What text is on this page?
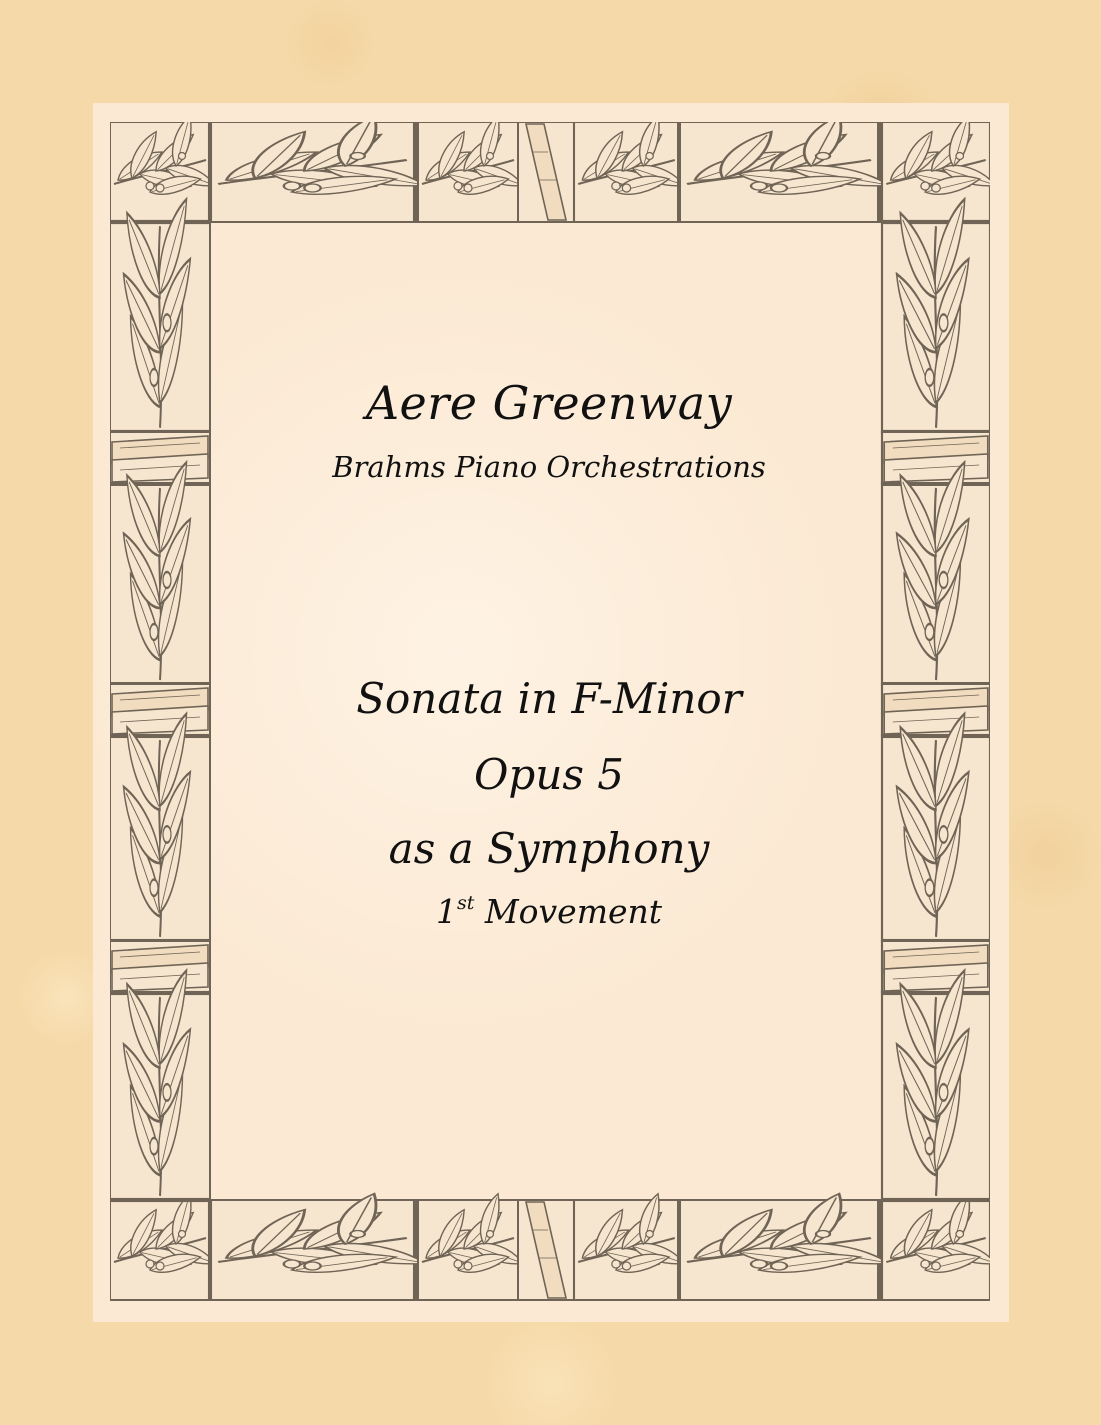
Aere Greenway
Brahms Piano Orchestrations
Sonata in F-Minor
Opus 5
as a Symphony
1st Movement
